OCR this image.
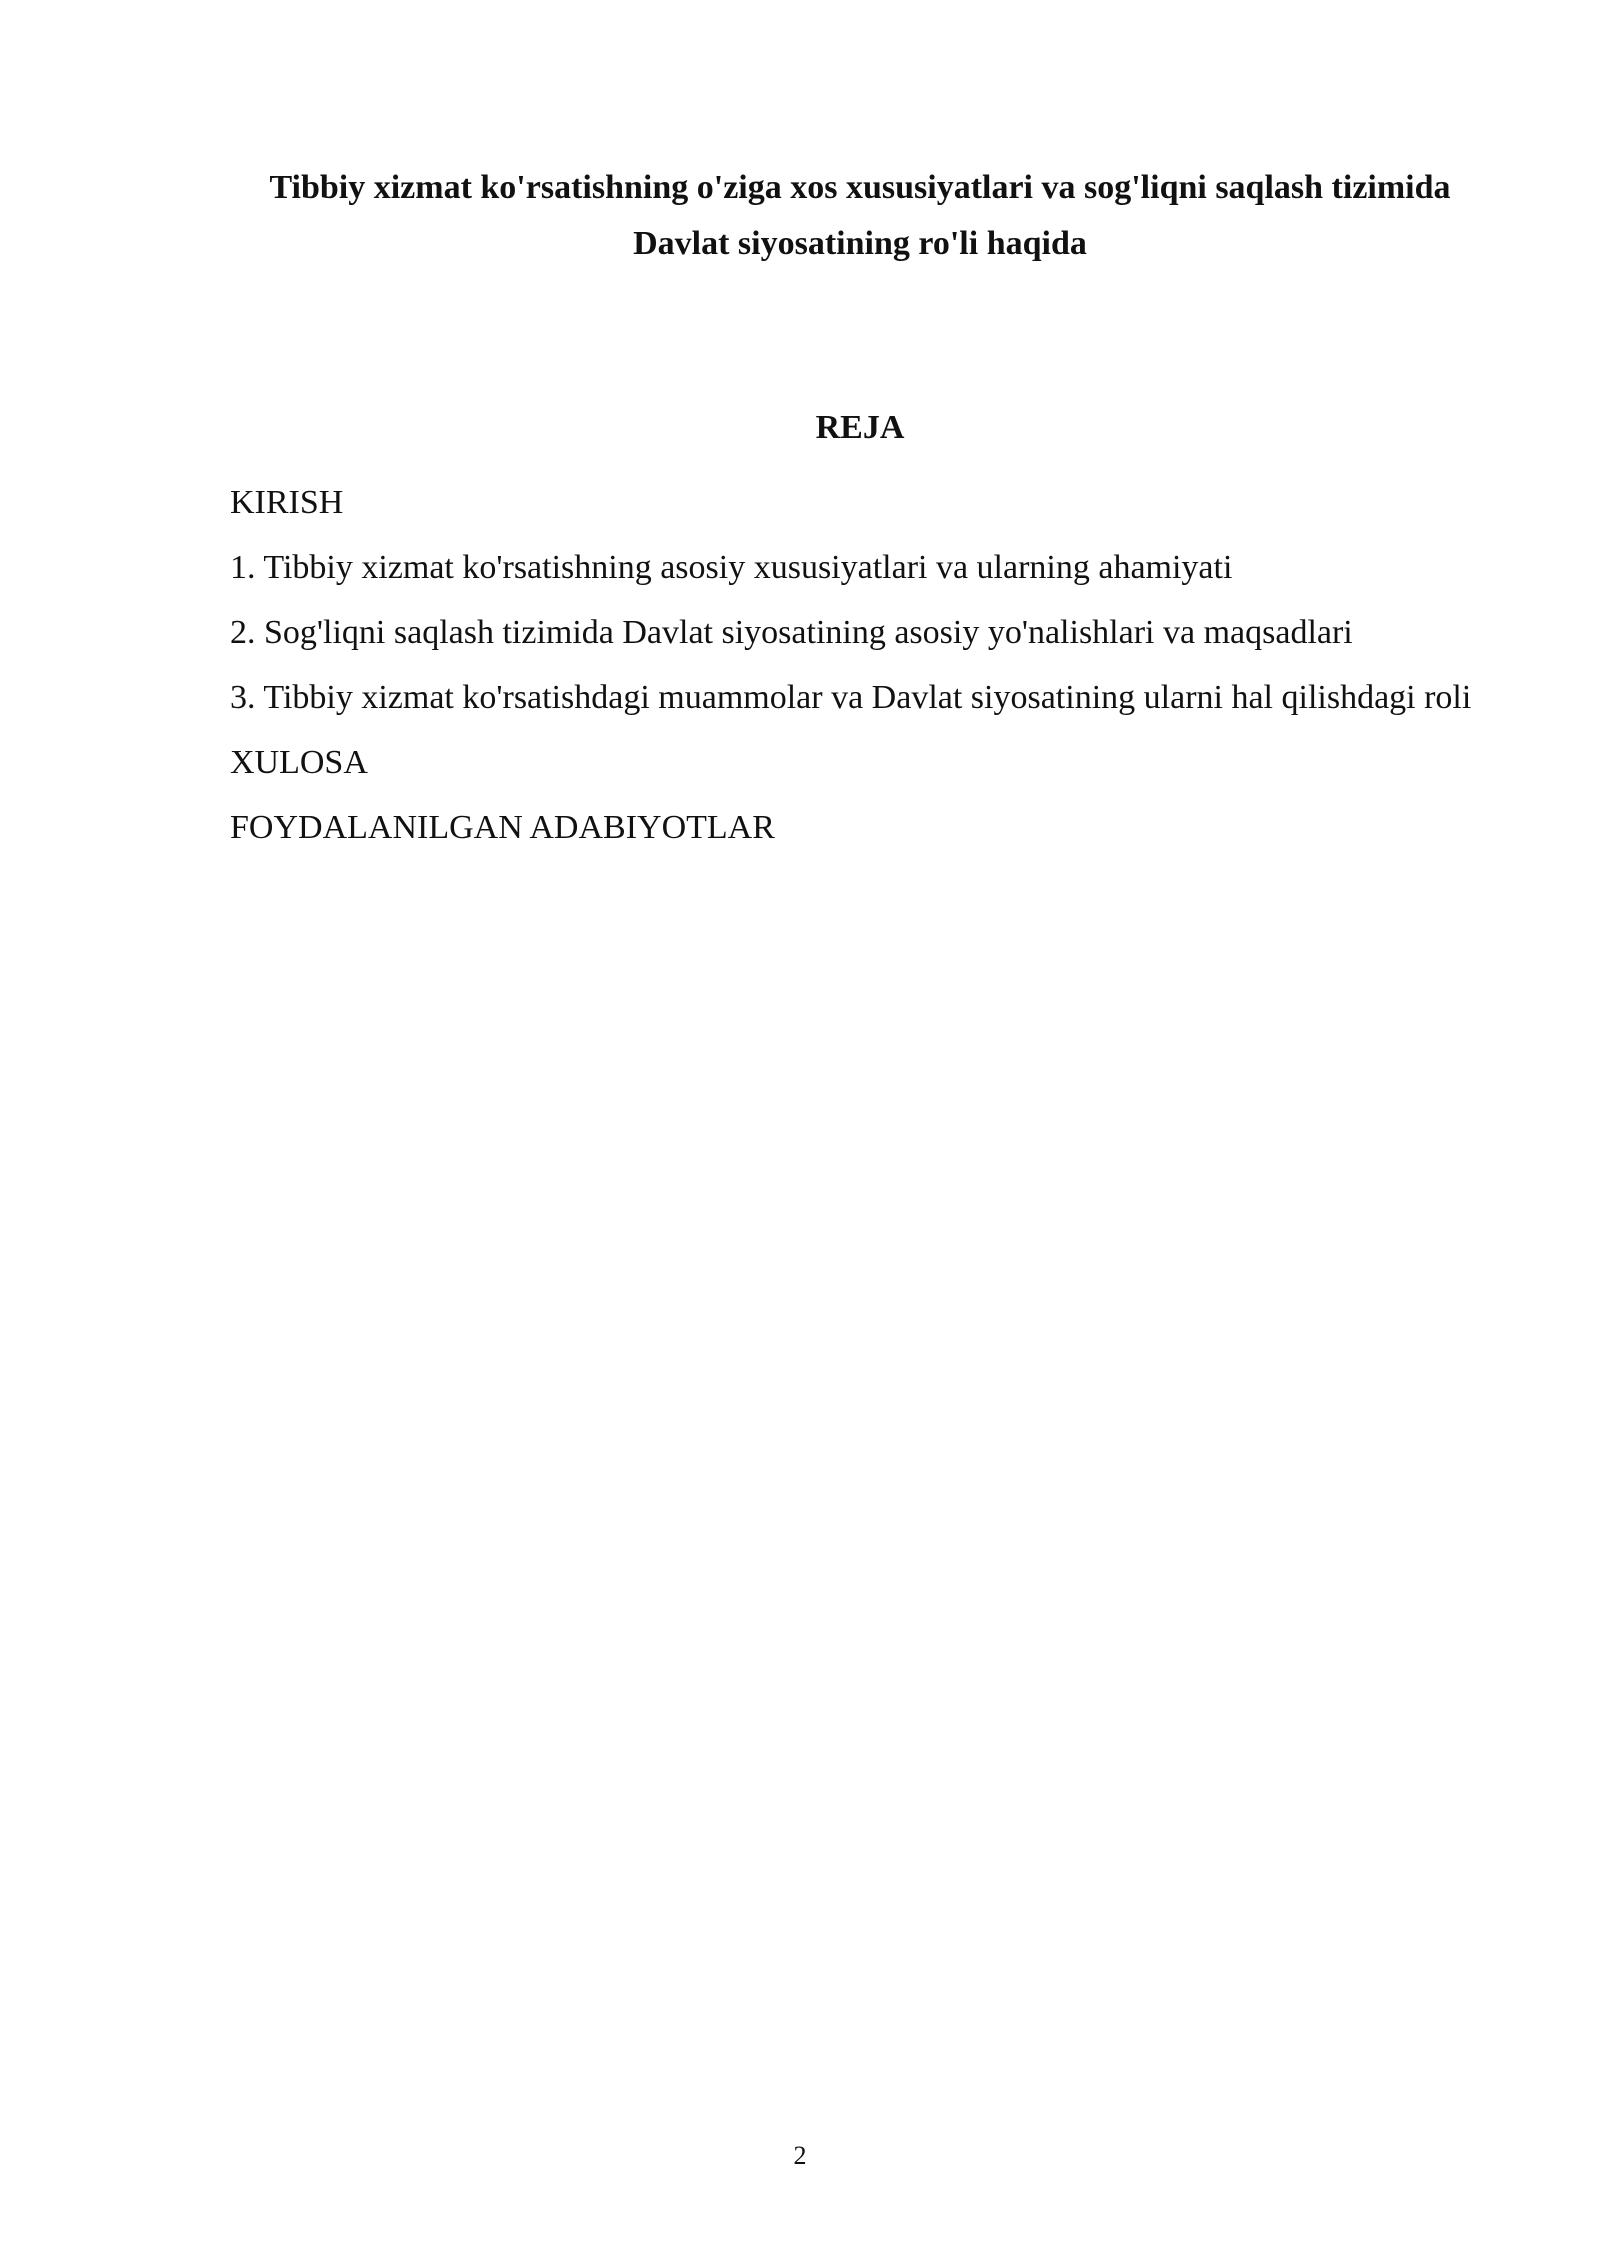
Tibbiy xizmat ko'rsatishning o'ziga xos xususiyatlari va sog'liqni saqlash tizimida Davlat siyosatining ro'li haqida
REJA
KIRISH
1. Tibbiy xizmat ko'rsatishning asosiy xususiyatlari va ularning ahamiyati
2. Sog'liqni saqlash tizimida Davlat siyosatining asosiy yo'nalishlari va maqsadlari
3. Tibbiy xizmat ko'rsatishdagi muammolar va Davlat siyosatining ularni hal qilishdagi roli
XULOSA
FOYDALANILGAN ADABIYOTLAR
2
